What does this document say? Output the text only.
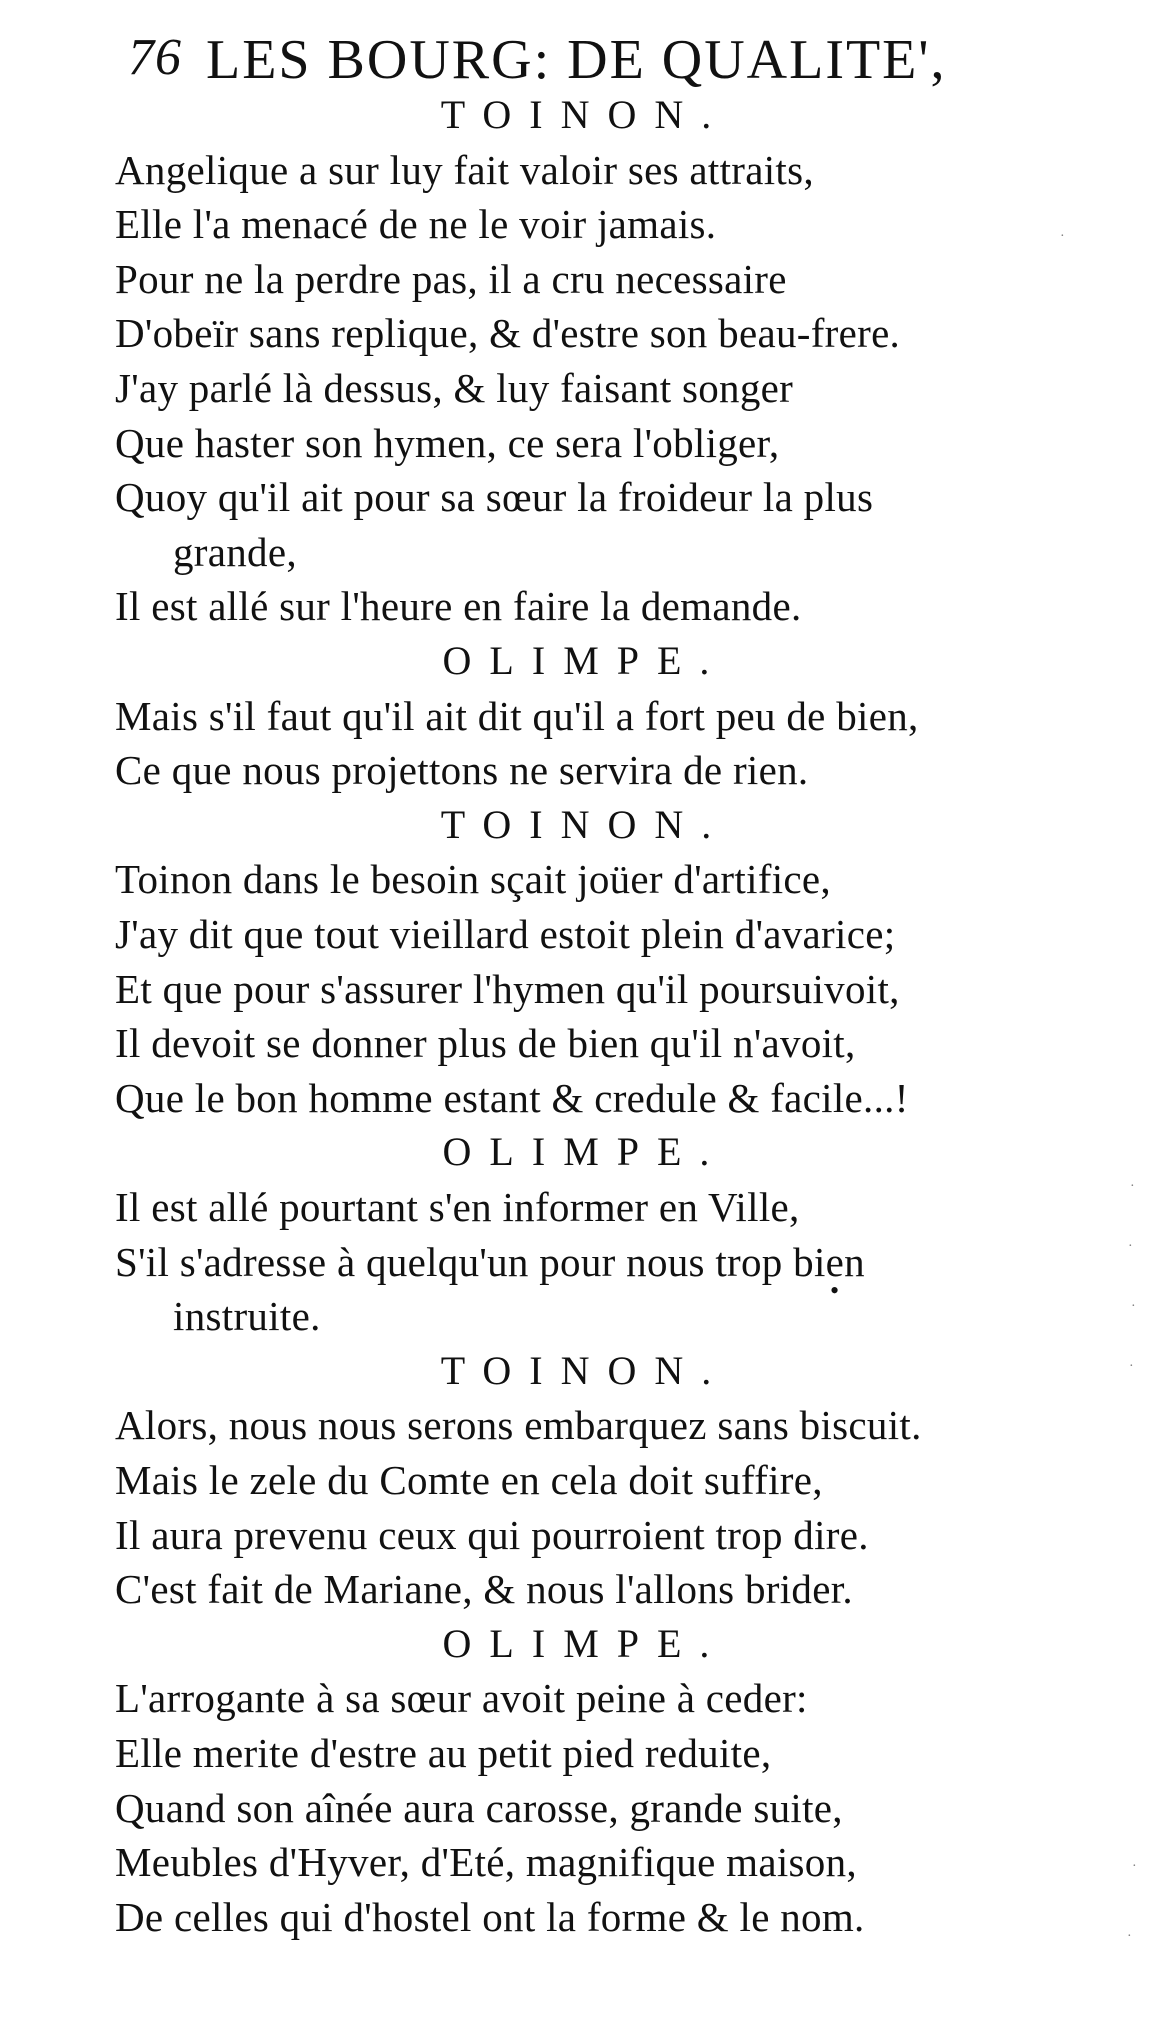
76 LES BOURG: DE QUALITE',
TOINON.
Angelique a sur luy fait valoir ses attraits,
Elle l'a menacé de ne le voir jamais.
Pour ne la perdre pas, il a cru necessaire
D'obeïr sans replique, & d'estre son beau-frere.
J'ay parlé là dessus, & luy faisant songer
Que haster son hymen, ce sera l'obliger,
Quoy qu'il ait pour sa sœur la froideur la plus
grande,
Il est allé sur l'heure en faire la demande.
OLIMPE.
Mais s'il faut qu'il ait dit qu'il a fort peu de bien,
Ce que nous projettons ne servira de rien.
TOINON.
Toinon dans le besoin sçait joüer d'artifice,
J'ay dit que tout vieillard estoit plein d'avarice;
Et que pour s'assurer l'hymen qu'il poursuivoit,
Il devoit se donner plus de bien qu'il n'avoit,
Que le bon homme estant & credule & facile...!
OLIMPE.
Il est allé pourtant s'en informer en Ville,
S'il s'adresse à quelqu'un pour nous trop bien
instruite.
TOINON.
Alors, nous nous serons embarquez sans biscuit.
Mais le zele du Comte en cela doit suffire,
Il aura prevenu ceux qui pourroient trop dire.
C'est fait de Mariane, & nous l'allons brider.
OLIMPE.
L'arrogante à sa sœur avoit peine à ceder:
Elle merite d'estre au petit pied reduite,
Quand son aînée aura carosse, grande suite,
Meubles d'Hyver, d'Eté, magnifique maison,
De celles qui d'hostel ont la forme & le nom.
·
·
·
·
·
·
·
•
